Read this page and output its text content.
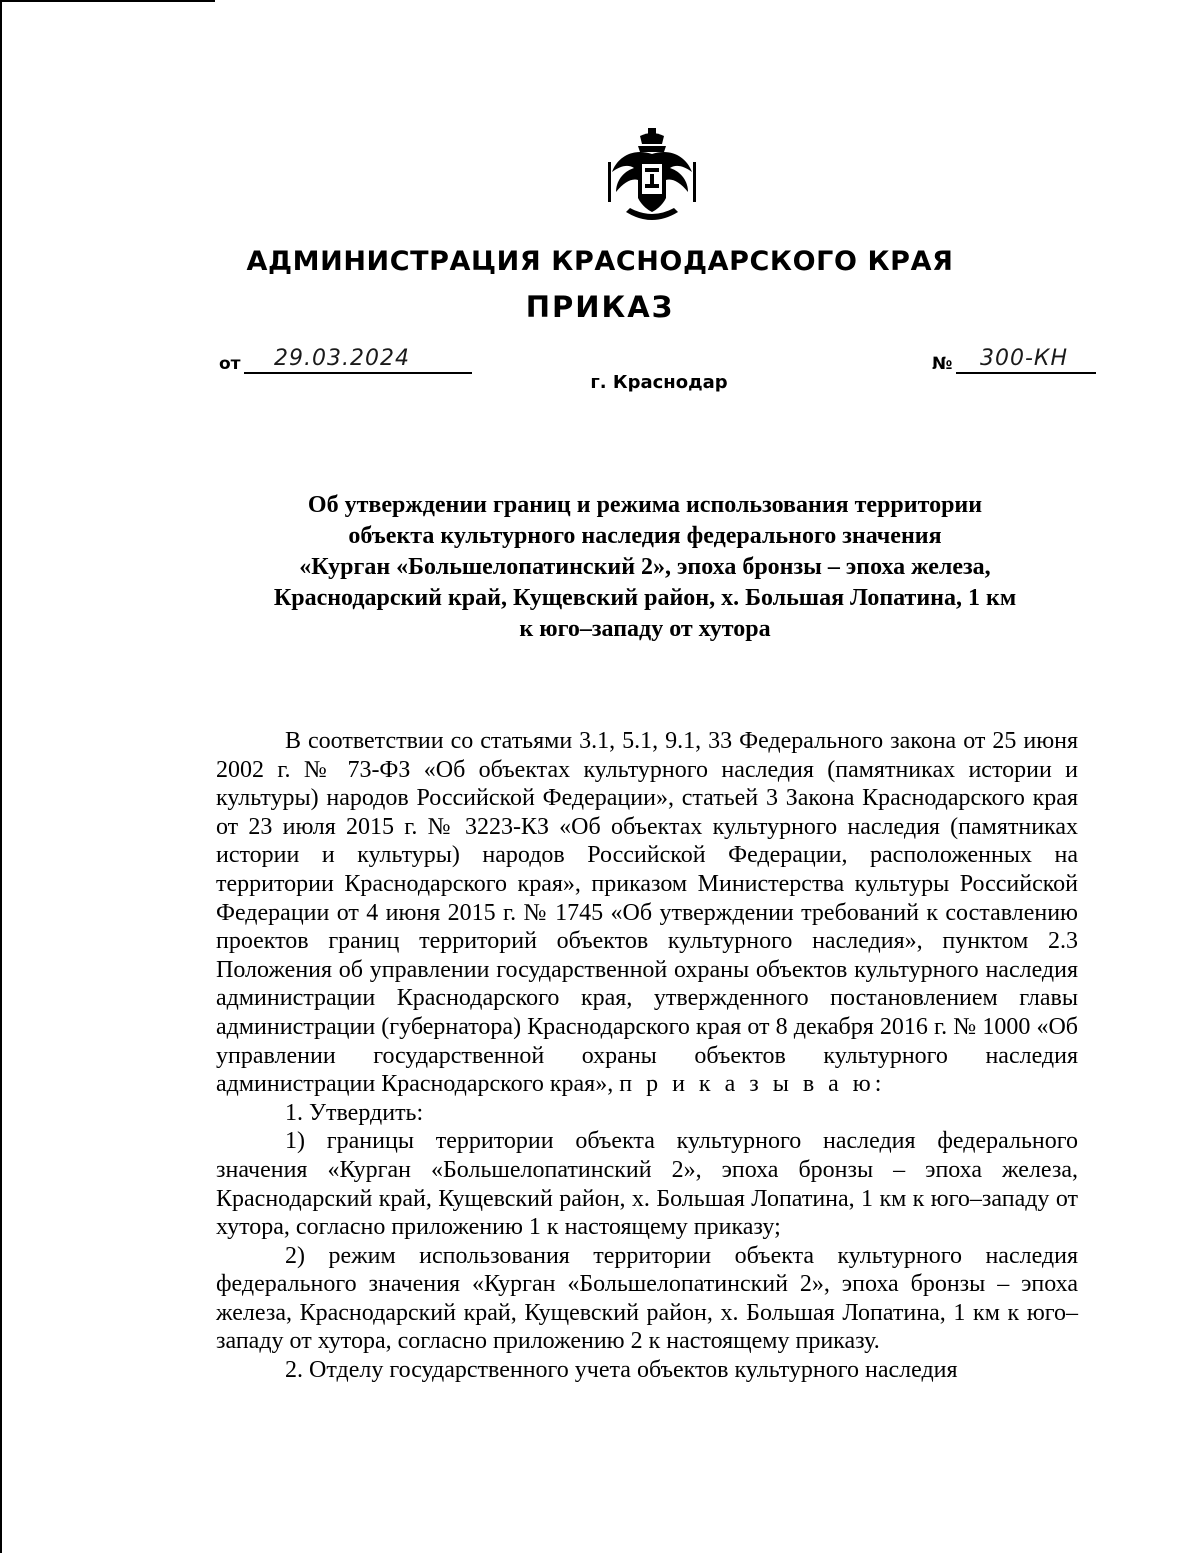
АДМИНИСТРАЦИЯ КРАСНОДАРСКОГО КРАЯ
ПРИКАЗ
от 29.03.2024	№ 300-КН
г. Краснодар
Об утверждении границ и режима использования территории
объекта культурного наследия федерального значения
«Курган «Большелопатинский 2», эпоха бронзы – эпоха железа,
Краснодарский край, Кущевский район, х. Большая Лопатина, 1 км
к юго–западу от хутора

В соответствии со статьями 3.1, 5.1, 9.1, 33 Федерального закона от 25 июня 2002 г. № 73-ФЗ «Об объектах культурного наследия (памятниках истории и культуры) народов Российской Федерации», статьей 3 Закона Краснодарского края от 23 июля 2015 г. № 3223-КЗ «Об объектах культурного наследия (памятниках истории и культуры) народов Российской Федерации, расположенных на территории Краснодарского края», приказом Министерства культуры Российской Федерации от 4 июня 2015 г. № 1745 «Об утверждении требований к составлению проектов границ территорий объектов культурного наследия», пунктом 2.3 Положения об управлении государственной охраны объектов культурного наследия администрации Краснодарского края, утвержденного постановлением главы администрации (губернатора) Краснодарского края от 8 декабря 2016 г. № 1000 «Об управлении государственной охраны объектов культурного наследия администрации Краснодарского края», п р и к а з ы в а ю:

1. Утвердить:

1) границы территории объекта культурного наследия федерального значения «Курган «Большелопатинский 2», эпоха бронзы – эпоха железа, Краснодарский край, Кущевский район, х. Большая Лопатина, 1 км к юго–западу от хутора, согласно приложению 1 к настоящему приказу;

2) режим использования территории объекта культурного наследия федерального значения «Курган «Большелопатинский 2», эпоха бронзы – эпоха железа, Краснодарский край, Кущевский район, х. Большая Лопатина, 1 км к юго–западу от хутора, согласно приложению 2 к настоящему приказу.

2. Отделу государственного учета объектов культурного наследия
